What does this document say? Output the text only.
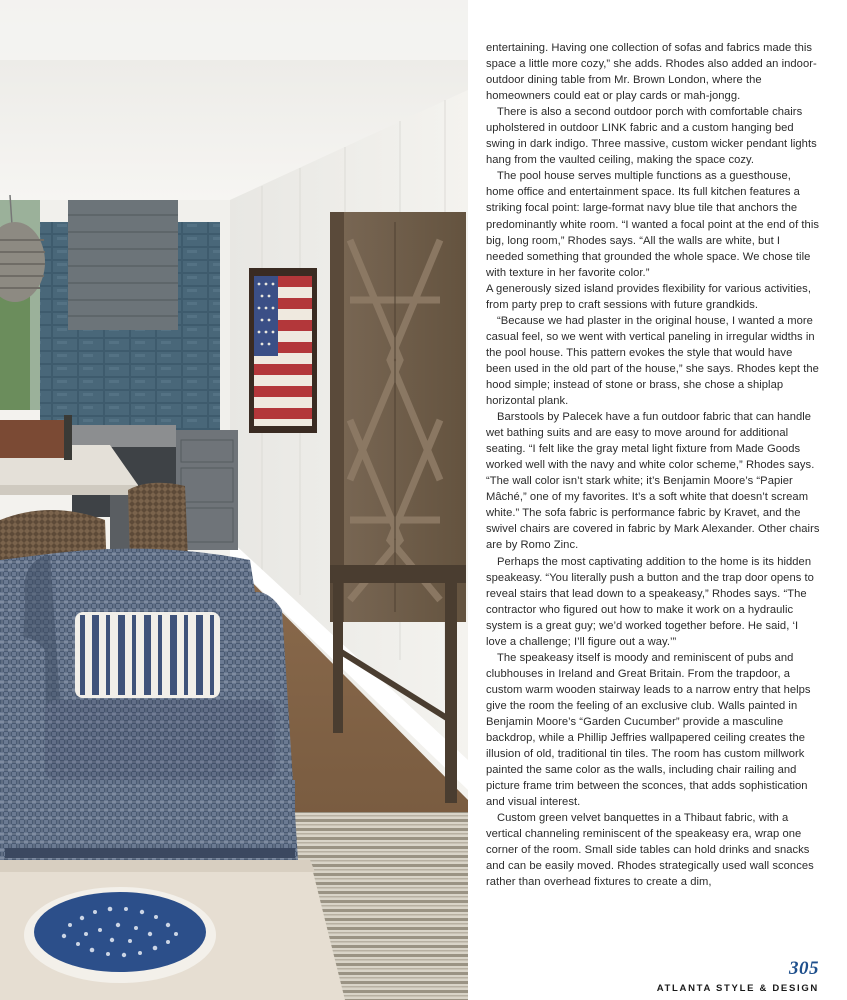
entertaining. Having one collection of sofas and fabrics made this space a little more cozy,” she adds. Rhodes also added an indoor-outdoor dining table from Mr. Brown London, where the homeowners could eat or play cards or mah-jongg.

There is also a second outdoor porch with comfortable chairs upholstered in outdoor LINK fabric and a custom hanging bed swing in dark indigo. Three massive, custom wicker pendant lights hang from the vaulted ceiling, making the space cozy.

The pool house serves multiple functions as a guesthouse, home office and entertainment space. Its full kitchen features a striking focal point: large-format navy blue tile that anchors the predominantly white room. “I wanted a focal point at the end of this big, long room,” Rhodes says. “All the walls are white, but I needed something that grounded the whole space. We chose tile with texture in her favorite color.”

A generously sized island provides flexibility for various activities, from party prep to craft sessions with future grandkids.

“Because we had plaster in the original house, I wanted a more casual feel, so we went with vertical paneling in irregular widths in the pool house. This pattern evokes the style that would have been used in the old part of the house,” she says. Rhodes kept the hood simple; instead of stone or brass, she chose a shiplap horizontal plank.

Barstools by Palecek have a fun outdoor fabric that can handle wet bathing suits and are easy to move around for additional seating. “I felt like the gray metal light fixture from Made Goods worked well with the navy and white color scheme,” Rhodes says. “The wall color isn’t stark white; it’s Benjamin Moore’s “Papier Mâché,” one of my favorites. It’s a soft white that doesn’t scream white.” The sofa fabric is performance fabric by Kravet, and the swivel chairs are covered in fabric by Mark Alexander. Other chairs are by Romo Zinc.

Perhaps the most captivating addition to the home is its hidden speakeasy. “You literally push a button and the trap door opens to reveal stairs that lead down to a speakeasy,” Rhodes says. “The contractor who figured out how to make it work on a hydraulic system is a great guy; we’d worked together before. He said, ‘I love a challenge; I’ll figure out a way.’”

The speakeasy itself is moody and reminiscent of pubs and clubhouses in Ireland and Great Britain. From the trapdoor, a custom warm wooden stairway leads to a narrow entry that helps give the room the feeling of an exclusive club. Walls painted in Benjamin Moore’s “Garden Cucumber” provide a masculine backdrop, while a Phillip Jeffries wallpapered ceiling creates the illusion of old, traditional tin tiles. The room has custom millwork painted the same color as the walls, including chair railing and picture frame trim between the sconces, that adds sophistication and visual interest.

Custom green velvet banquettes in a Thibaut fabric, with a vertical channeling reminiscent of the speakeasy era, wrap one corner of the room. Small side tables can hold drinks and snacks and can be easily moved. Rhodes strategically used wall sconces rather than overhead fixtures to create a dim,

305
ATLANTA STYLE & DESIGN
